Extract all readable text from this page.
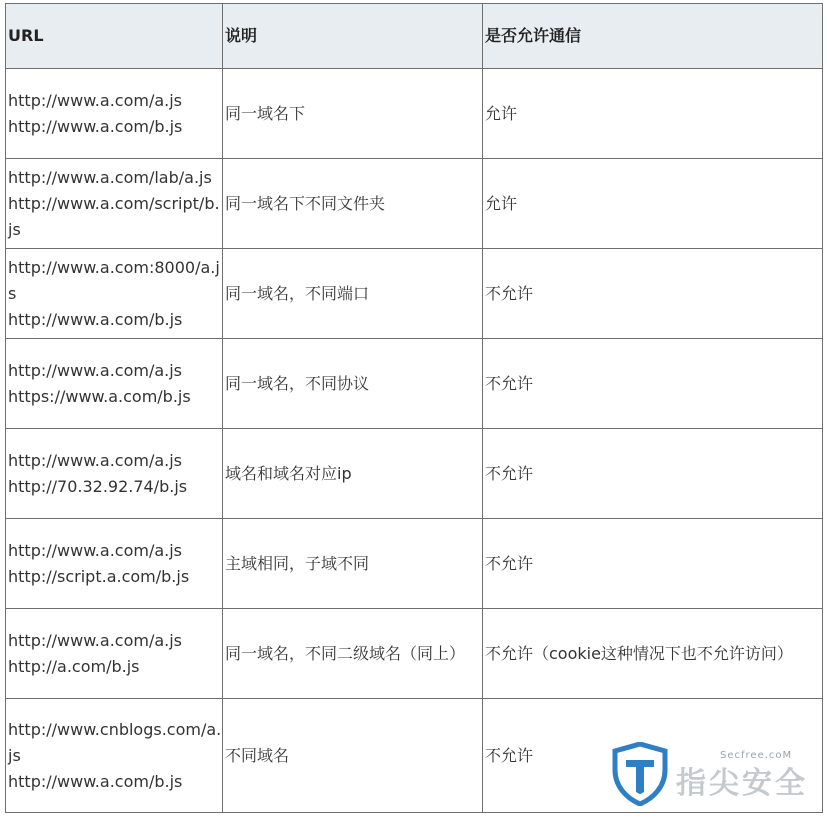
URL	说明	是否允许通信

http://www.a.com/a.js
http://www.a.com/b.js	同一域名下	允许

http://www.a.com/lab/a.js
http://www.a.com/script/b.js	同一域名下不同文件夹	允许

http://www.a.com:8000/a.js
http://www.a.com/b.js	同一域名，不同端口	不允许

http://www.a.com/a.js
https://www.a.com/b.js	同一域名，不同协议	不允许

http://www.a.com/a.js
http://70.32.92.74/b.js	域名和域名对应ip	不允许

http://www.a.com/a.js
http://script.a.com/b.js	主域相同，子域不同	不允许

http://www.a.com/a.js
http://a.com/b.js	同一域名，不同二级域名（同上）	不允许（cookie这种情况下也不允许访问）

http://www.cnblogs.com/a.js
http://www.a.com/b.js	不同域名	不允许	Secfree.coM
指尖安全
